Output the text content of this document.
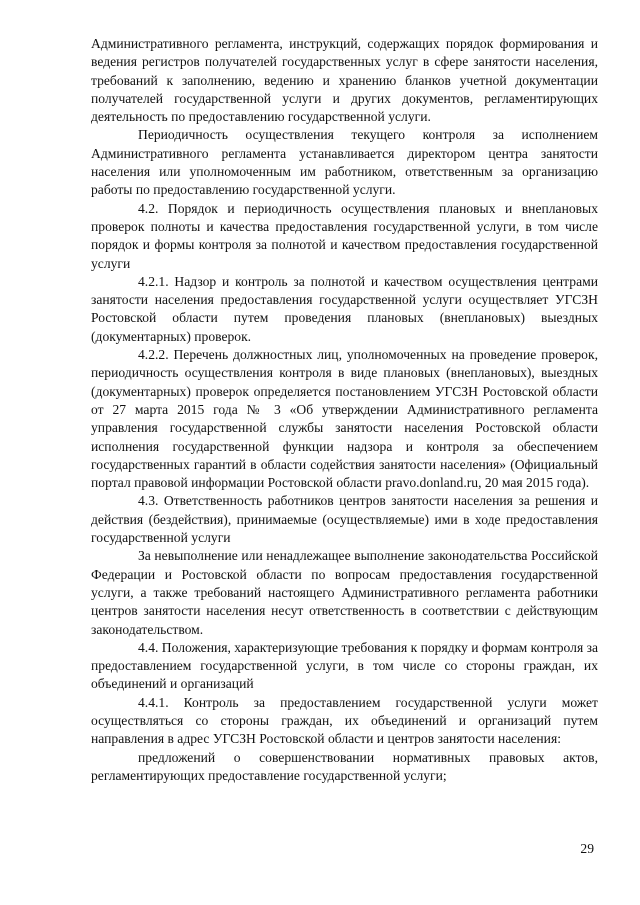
Административного регламента, инструкций, содержащих порядок формирования и ведения регистров получателей государственных услуг в сфере занятости населения, требований к заполнению, ведению и хранению бланков учетной документации получателей государственной услуги и других документов, регламентирующих деятельность по предоставлению государственной услуги.

Периодичность осуществления текущего контроля за исполнением Административного регламента устанавливается директором центра занятости населения или уполномоченным им работником, ответственным за организацию работы по предоставлению государственной услуги.

4.2. Порядок и периодичность осуществления плановых и внеплановых проверок полноты и качества предоставления государственной услуги, в том числе порядок и формы контроля за полнотой и качеством предоставления государственной услуги

4.2.1. Надзор и контроль за полнотой и качеством осуществления центрами занятости населения предоставления государственной услуги осуществляет УГСЗН Ростовской области путем проведения плановых (внеплановых) выездных (документарных) проверок.

4.2.2. Перечень должностных лиц, уполномоченных на проведение проверок, периодичность осуществления контроля в виде плановых (внеплановых), выездных (документарных) проверок определяется постановлением УГСЗН Ростовской области от 27 марта 2015 года № 3 «Об утверждении Административного регламента управления государственной службы занятости населения Ростовской области исполнения государственной функции надзора и контроля за обеспечением государственных гарантий в области содействия занятости населения» (Официальный портал правовой информации Ростовской области pravo.donland.ru, 20 мая 2015 года).

4.3. Ответственность работников центров занятости населения за решения и действия (бездействия), принимаемые (осуществляемые) ими в ходе предоставления государственной услуги

За невыполнение или ненадлежащее выполнение законодательства Российской Федерации и Ростовской области по вопросам предоставления государственной услуги, а также требований настоящего Административного регламента работники центров занятости населения несут ответственность в соответствии с действующим законодательством.

4.4. Положения, характеризующие требования к порядку и формам контроля за предоставлением государственной услуги, в том числе со стороны граждан, их объединений и организаций

4.4.1. Контроль за предоставлением государственной услуги может осуществляться со стороны граждан, их объединений и организаций путем направления в адрес УГСЗН Ростовской области и центров занятости населения:

предложений о совершенствовании нормативных правовых актов, регламентирующих предоставление государственной услуги;

29
